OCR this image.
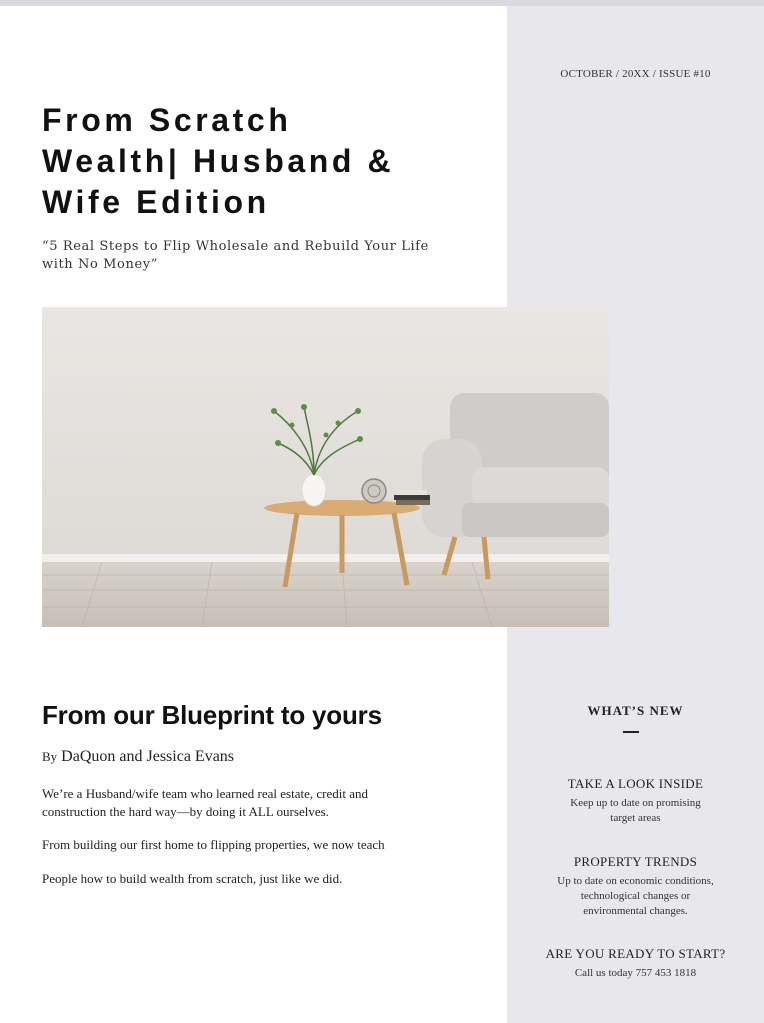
OCTOBER / 20XX / ISSUE #10
From Scratch
Wealth| Husband &
Wife Edition
“5 Real Steps to Flip Wholesale and Rebuild Your Life
with No Money”
From our Blueprint to yours
By DaQuon and Jessica Evans
We’re a Husband/wife team who learned real estate, credit and
construction the hard way—by doing it ALL ourselves.
From building our first home to flipping properties, we now teach
People how to build wealth from scratch, just like we did.
WHAT’S NEW
TAKE A LOOK INSIDE
Keep up to date on promising
target areas
PROPERTY TRENDS
Up to date on economic conditions,
technological changes or
environmental changes.
ARE YOU READY TO START?
Call us today 757 453 1818
